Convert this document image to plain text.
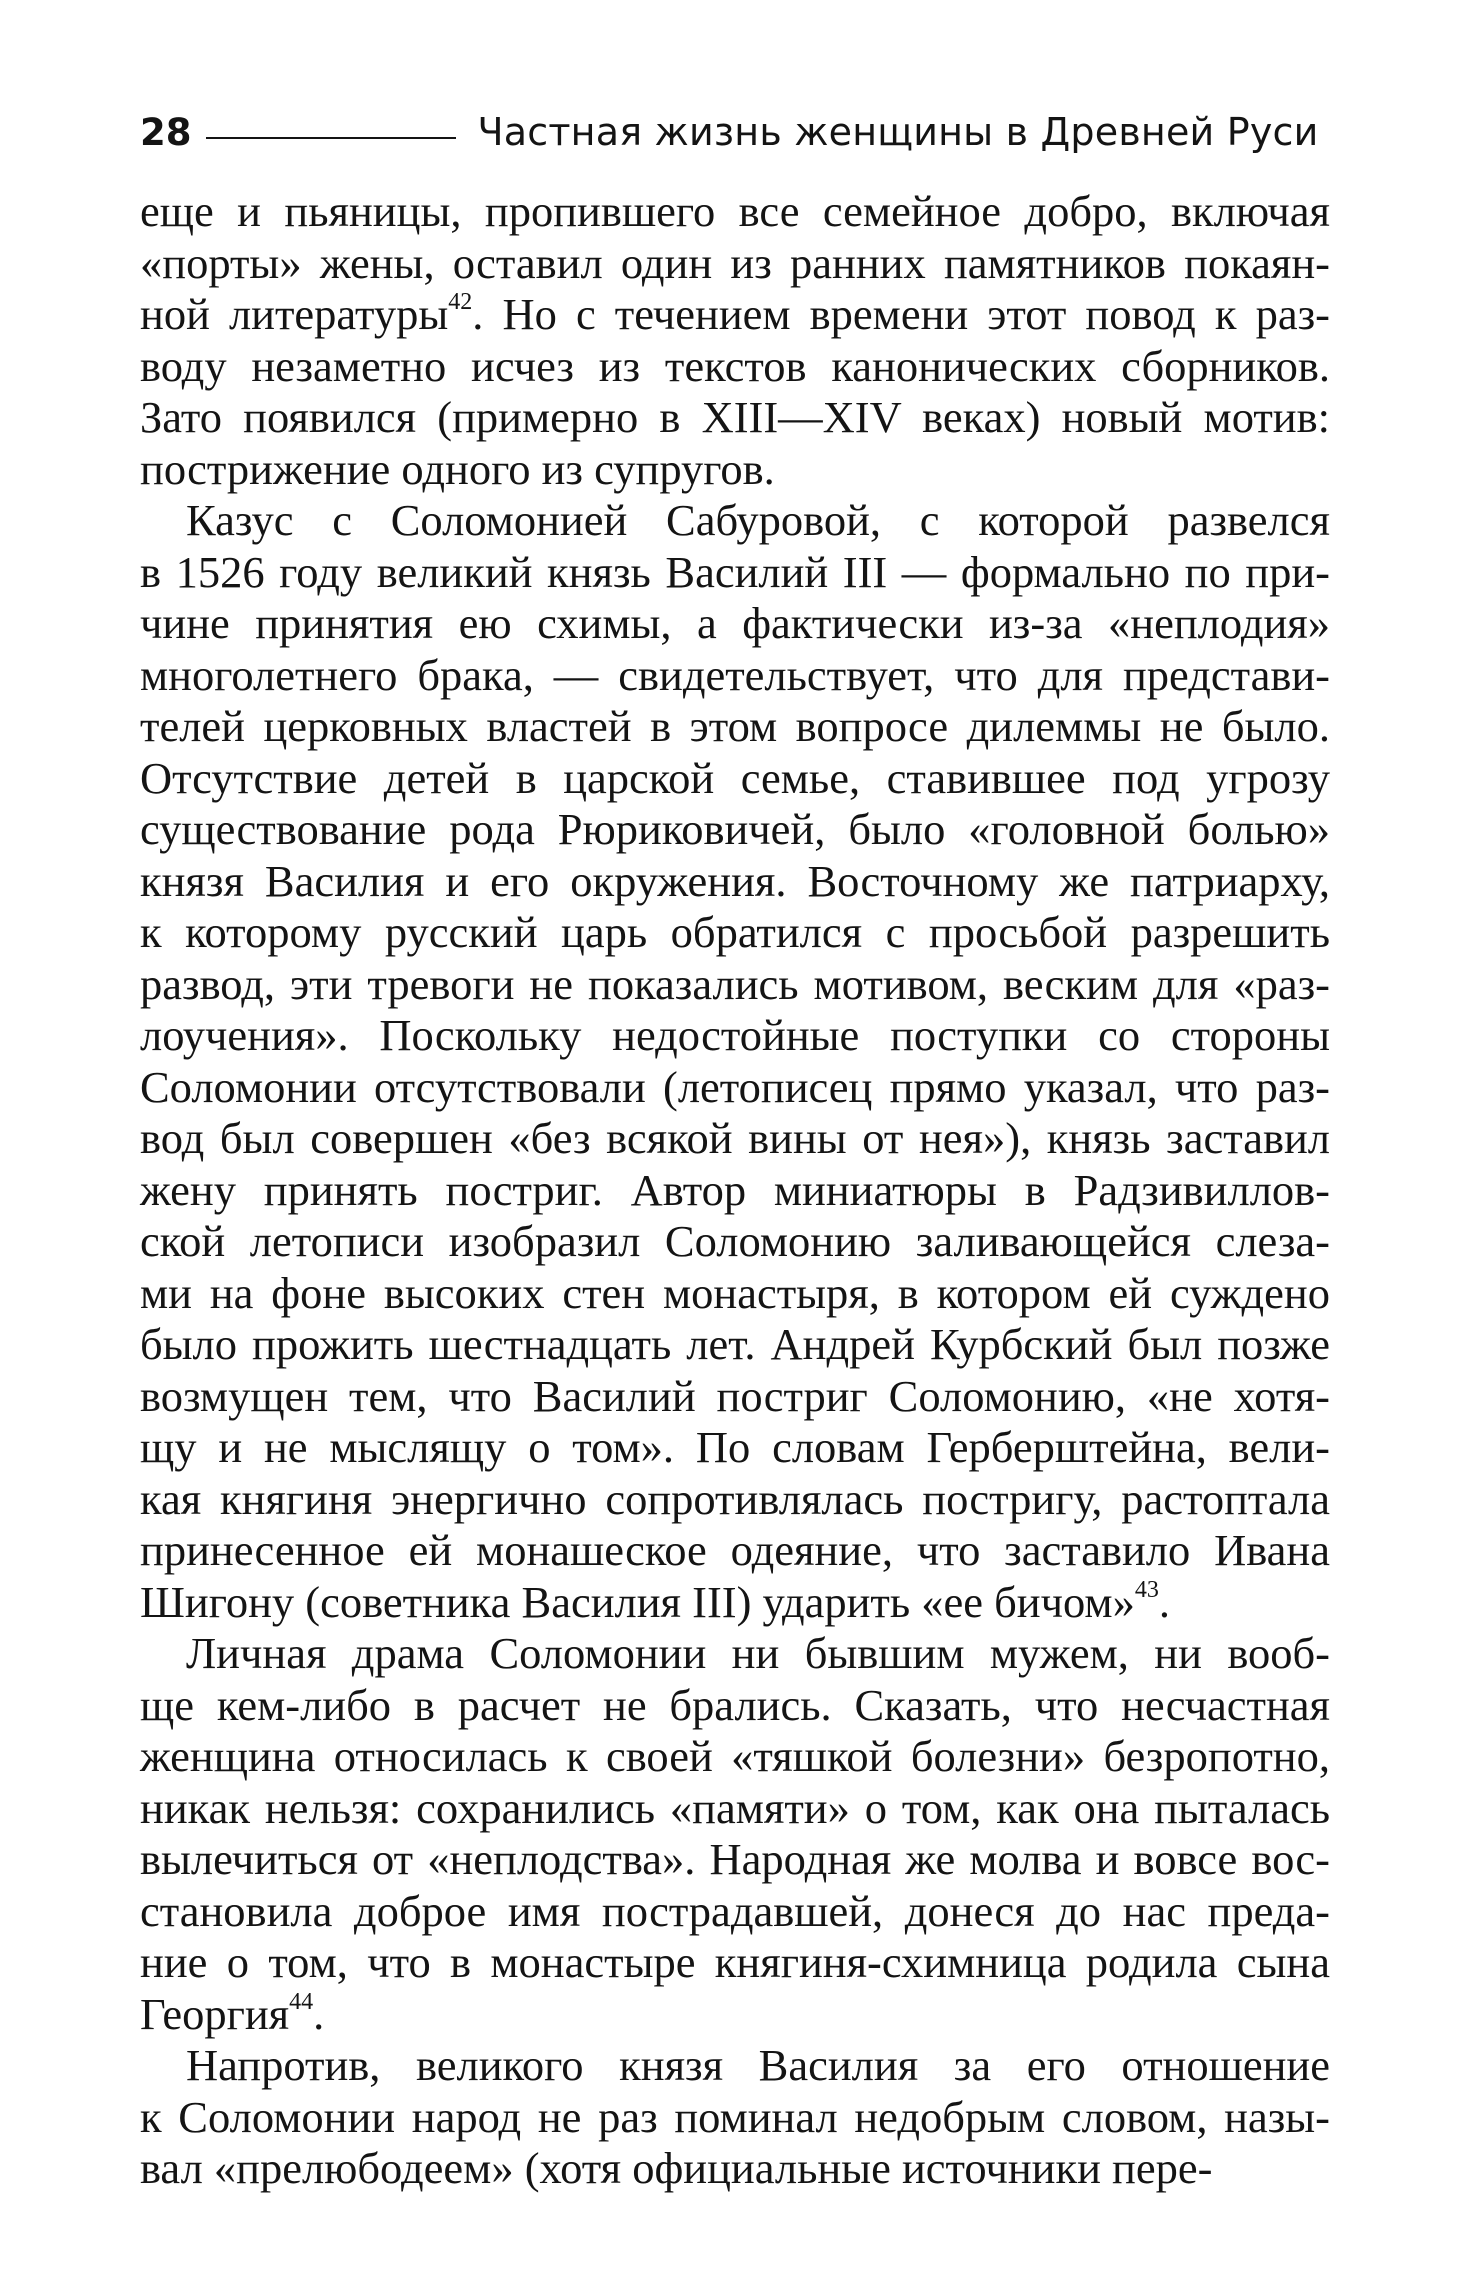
28	Частная жизнь женщины в Древней Руси
еще и пьяницы, пропившего все семейное добро, включая
«порты» жены, оставил один из ранних памятников покаян-
ной литературы$^{42}$. Но с течением времени этот повод к раз-
воду незаметно исчез из текстов канонических сборников.
Зато появился (примерно в XIII—XIV веках) новый мотив:
пострижение одного из супругов.
Казус с Соломонией Сабуровой, с которой развелся
в 1526 году великий князь Василий III — формально по при-
чине принятия ею схимы, а фактически из-за «неплодия»
многолетнего брака, — свидетельствует, что для представи-
телей церковных властей в этом вопросе дилеммы не было.
Отсутствие детей в царской семье, ставившее под угрозу
существование рода Рюриковичей, было «головной болью»
князя Василия и его окружения. Восточному же патриарху,
к которому русский царь обратился с просьбой разрешить
развод, эти тревоги не показались мотивом, веским для «раз-
лоучения». Поскольку недостойные поступки со стороны
Соломонии отсутствовали (летописец прямо указал, что раз-
вод был совершен «без всякой вины от нея»), князь заставил
жену принять постриг. Автор миниатюры в Радзивиллов-
ской летописи изобразил Соломонию заливающейся слеза-
ми на фоне высоких стен монастыря, в котором ей суждено
было прожить шестнадцать лет. Андрей Курбский был позже
возмущен тем, что Василий постриг Соломонию, «не хотя-
щу и не мыслящу о том». По словам Герберштейна, вели-
кая княгиня энергично сопротивлялась постригу, растоптала
принесенное ей монашеское одеяние, что заставило Ивана
Шигону (советника Василия III) ударить «ее бичом»$^{43}$.
Личная драма Соломонии ни бывшим мужем, ни вооб-
ще кем-либо в расчет не брались. Сказать, что несчастная
женщина относилась к своей «тяшкой болезни» безропотно,
никак нельзя: сохранились «памяти» о том, как она пыталась
вылечиться от «неплодства». Народная же молва и вовсе вос-
становила доброе имя пострадавшей, донеся до нас преда-
ние о том, что в монастыре княгиня-схимница родила сына
Георгия$^{44}$.
Напротив, великого князя Василия за его отношение
к Соломонии народ не раз поминал недобрым словом, назы-
вал «прелюбодеем» (хотя официальные источники пере-
